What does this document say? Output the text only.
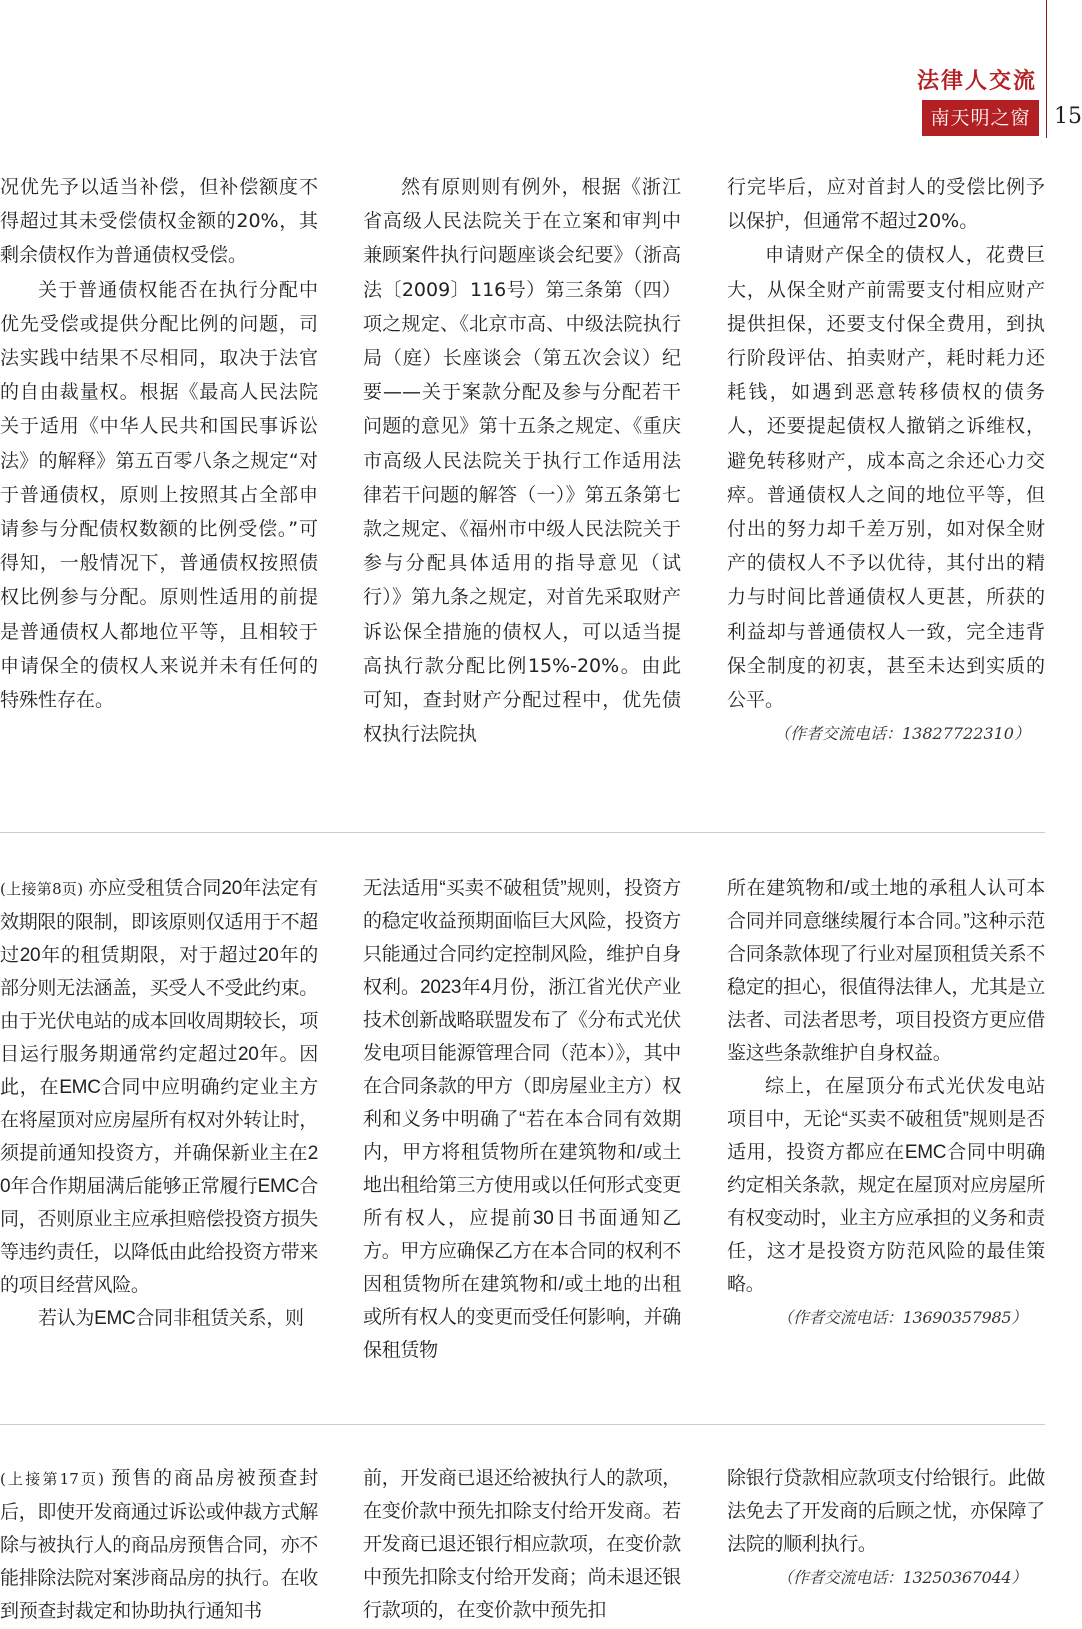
法律人交流
南天明之窗	15

况优先予以适当补偿，但补偿额度不得超过其未受偿债权金额的20%，其剩余债权作为普通债权受偿。

关于普通债权能否在执行分配中优先受偿或提供分配比例的问题，司法实践中结果不尽相同，取决于法官的自由裁量权。根据《最高人民法院关于适用《中华人民共和国民事诉讼法》的解释》第五百零八条之规定“对于普通债权，原则上按照其占全部申请参与分配债权数额的比例受偿。”可得知，一般情况下，普通债权按照债权比例参与分配。原则性适用的前提是普通债权人都地位平等，且相较于申请保全的债权人来说并未有任何的特殊性存在。

然有原则则有例外，根据《浙江省高级人民法院关于在立案和审判中兼顾案件执行问题座谈会纪要》（浙高法〔2009〕116号）第三条第（四）项之规定、《北京市高、中级法院执行局（庭）长座谈会（第五次会议）纪要——关于案款分配及参与分配若干问题的意见》第十五条之规定、《重庆市高级人民法院关于执行工作适用法律若干问题的解答（一）》第五条第七款之规定、《福州市中级人民法院关于参与分配具体适用的指导意见（试行）》第九条之规定，对首先采取财产诉讼保全措施的债权人，可以适当提高执行款分配比例15%-20%。由此可知，查封财产分配过程中，优先债权执行法院执

行完毕后，应对首封人的受偿比例予以保护，但通常不超过20%。

申请财产保全的债权人，花费巨大，从保全财产前需要支付相应财产提供担保，还要支付保全费用，到执行阶段评估、拍卖财产，耗时耗力还耗钱，如遇到恶意转移债权的债务人，还要提起债权人撤销之诉维权，避免转移财产，成本高之余还心力交瘁。普通债权人之间的地位平等，但付出的努力却千差万别，如对保全财产的债权人不予以优待，其付出的精力与时间比普通债权人更甚，所获的利益却与普通债权人一致，完全违背保全制度的初衷，甚至未达到实质的公平。

（作者交流电话：13827722310）

(上接第8页) 亦应受租赁合同20年法定有效期限的限制，即该原则仅适用于不超过20年的租赁期限，对于超过20年的部分则无法涵盖，买受人不受此约束。由于光伏电站的成本回收周期较长，项目运行服务期通常约定超过20年。因此，在EMC合同中应明确约定业主方在将屋顶对应房屋所有权对外转让时，须提前通知投资方，并确保新业主在20年合作期届满后能够正常履行EMC合同，否则原业主应承担赔偿投资方损失等违约责任，以降低由此给投资方带来的项目经营风险。

若认为EMC合同非租赁关系，则

无法适用“买卖不破租赁”规则，投资方的稳定收益预期面临巨大风险，投资方只能通过合同约定控制风险，维护自身权利。2023年4月份，浙江省光伏产业技术创新战略联盟发布了《分布式光伏发电项目能源管理合同（范本）》，其中在合同条款的甲方（即房屋业主方）权利和义务中明确了“若在本合同有效期内，甲方将租赁物所在建筑物和/或土地出租给第三方使用或以任何形式变更所有权人，应提前30日书面通知乙方。甲方应确保乙方在本合同的权利不因租赁物所在建筑物和/或土地的出租或所有权人的变更而受任何影响，并确保租赁物

所在建筑物和/或土地的承租人认可本合同并同意继续履行本合同。”这种示范合同条款体现了行业对屋顶租赁关系不稳定的担心，很值得法律人，尤其是立法者、司法者思考，项目投资方更应借鉴这些条款维护自身权益。

综上，在屋顶分布式光伏发电站项目中，无论“买卖不破租赁”规则是否适用，投资方都应在EMC合同中明确约定相关条款，规定在屋顶对应房屋所有权变动时，业主方应承担的义务和责任，这才是投资方防范风险的最佳策略。

（作者交流电话：13690357985）

(上接第17页) 预售的商品房被预查封后，即使开发商通过诉讼或仲裁方式解除与被执行人的商品房预售合同，亦不能排除法院对案涉商品房的执行。在收到预查封裁定和协助执行通知书

前，开发商已退还给被执行人的款项，在变价款中预先扣除支付给开发商。若开发商已退还银行相应款项，在变价款中预先扣除支付给开发商；尚未退还银行款项的，在变价款中预先扣

除银行贷款相应款项支付给银行。此做法免去了开发商的后顾之忧，亦保障了法院的顺利执行。

（作者交流电话：13250367044）
